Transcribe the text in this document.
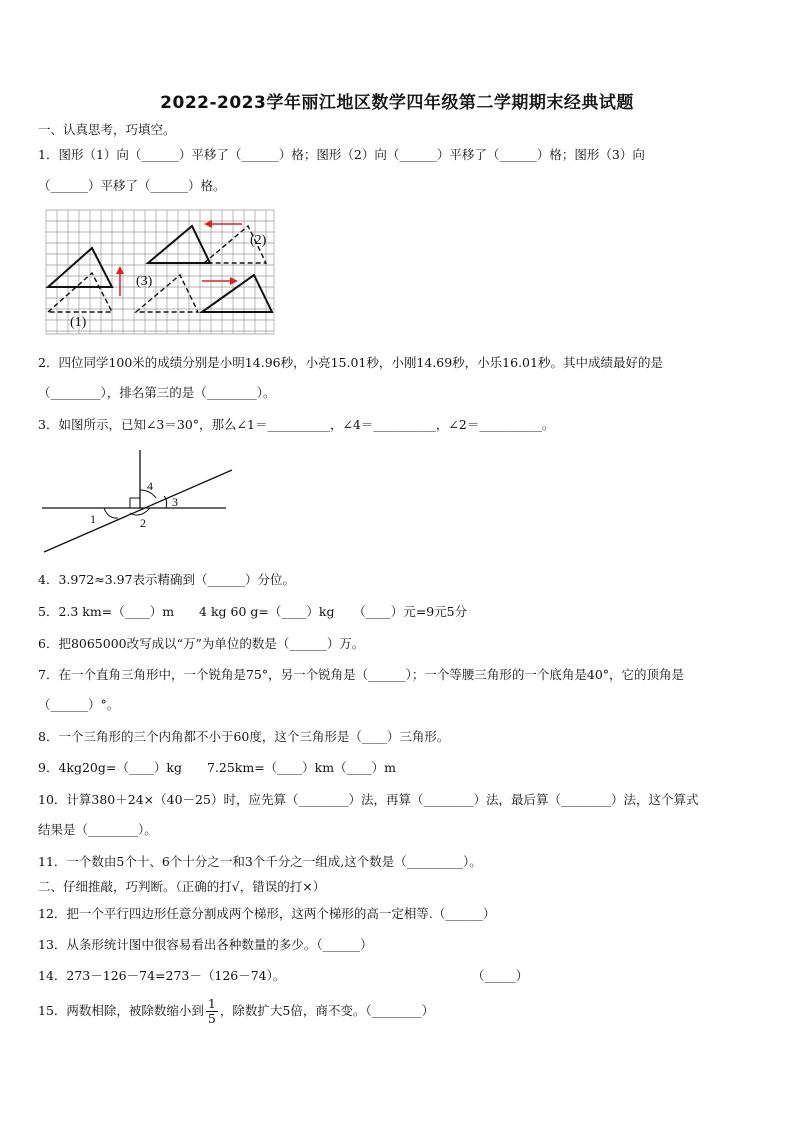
2022-2023学年丽江地区数学四年级第二学期期末经典试题
一、认真思考，巧填空。
1．图形（1）向（______）平移了（______）格；图形（2）向（______）平移了（______）格；图形（3）向
（______）平移了（______）格。
(1)
(2)
(3)
2．四位同学100米的成绩分别是小明14.96秒，小亮15.01秒，小刚14.69秒，小乐16.01秒。其中成绩最好的是
（________），排名第三的是（________）。
3．如图所示，已知∠3＝30°，那么∠1＝__________，∠4＝__________，∠2＝__________。
1	2
3
4
4．3.972≈3.97表示精确到（______）分位。
5．2.3 km=（____）m　　4 kg 60 g=（____）kg　　（____）元=9元5分
6．把8065000改写成以“万”为单位的数是（______）万。
7．在一个直角三角形中，一个锐角是75°，另一个锐角是（______）；一个等腰三角形的一个底角是40°，它的顶角是
（______）°。
8．一个三角形的三个内角都不小于60度，这个三角形是（____）三角形。
9．4kg20g=（____）kg　　7.25km=（____）km（____）m
10．计算380＋24×（40－25）时，应先算（________）法，再算（________）法，最后算（________）法，这个算式
结果是（________）。
11．一个数由5个十、6个十分之一和3个千分之一组成,这个数是（_________）。
二、仔细推敲，巧判断。（正确的打√，错误的打×）
12．把一个平行四边形任意分割成两个梯形，这两个梯形的高一定相等.（______）
13．从条形统计图中很容易看出各种数量的多少。（______）
14．273－126－74=273－（126－74）。	（_____）
15．两数相除，被除数缩小到 $\frac{1}{5}$ ，除数扩大5倍，商不变。（________）
